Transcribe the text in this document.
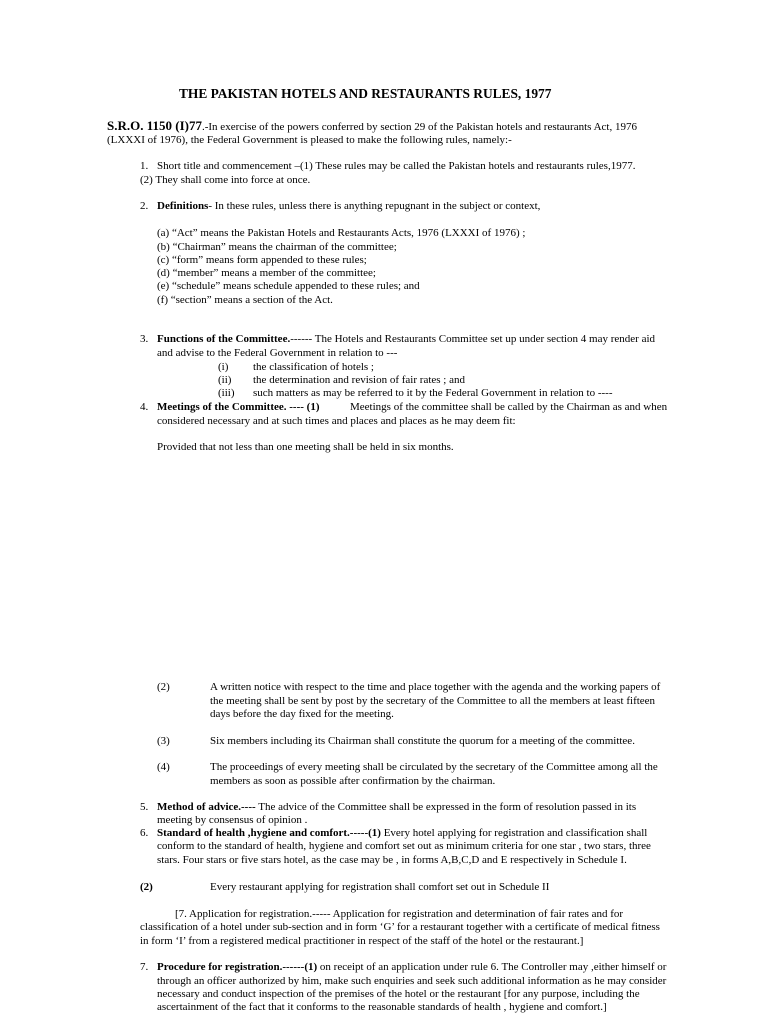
THE PAKISTAN HOTELS AND RESTAURANTS RULES, 1977
S.R.O. 1150 (I)77.-In exercise of the powers conferred by section 29 of the Pakistan hotels and restaurants Act, 1976
(LXXXI of 1976), the Federal Government is pleased to make the following rules, namely:-
1. Short title and commencement –(1) These rules may be called the Pakistan hotels and restaurants rules,1977.
(2) They shall come into force at once.
2. Definitions- In these rules, unless there is anything repugnant in the subject or context,
(a) “Act” means the Pakistan Hotels and Restaurants Acts, 1976 (LXXXI of 1976) ;
(b) “Chairman” means the chairman of the committee;
(c) “form” means form appended to these rules;
(d) “member” means a member of the committee;
(e) “schedule” means schedule appended to these rules; and
(f) “section” means a section of the Act.
3. Functions of the Committee.------ The Hotels and Restaurants Committee set up under section 4 may render aid
and advise to the Federal Government in relation to ---
(i) the classification of hotels ;
(ii) the determination and revision of fair rates ; and
(iii) such matters as may be referred to it by the Federal Government in relation to ----
4. Meetings of the Committee. ---- (1)	Meetings of the committee shall be called by the Chairman as and when
considered necessary and at such times and places and places as he may deem fit:
Provided that not less than one meeting shall be held in six months.
(2)	A written notice with respect to the time and place together with the agenda and the working papers of
the meeting shall be sent by post by the secretary of the Committee to all the members at least fifteen
days before the day fixed for the meeting.
(3)	Six members including its Chairman shall constitute the quorum for a meeting of the committee.
(4)	The proceedings of every meeting shall be circulated by the secretary of the Committee among all the
members as soon as possible after confirmation by the chairman.
5. Method of advice.---- The advice of the Committee shall be expressed in the form of resolution passed in its
meeting by consensus of opinion .
6. Standard of health ,hygiene and comfort.-----(1) Every hotel applying for registration and classification shall
conform to the standard of health, hygiene and comfort set out as minimum criteria for one star , two stars, three
stars. Four stars or five stars hotel, as the case may be , in forms A,B,C,D and E respectively in Schedule I.
(2)	Every restaurant applying for registration shall comfort set out in Schedule II
[7. Application for registration.----- Application for registration and determination of fair rates and for
classification of a hotel under sub-section and in form ‘G’ for a restaurant together with a certificate of medical fitness
in form ‘I’ from a registered medical practitioner in respect of the staff of the hotel or the restaurant.]
7. Procedure for registration.------(1) on receipt of an application under rule 6. The Controller may ,either himself or
through an officer authorized by him, make such enquiries and seek such additional information as he may consider
necessary and conduct inspection of the premises of the hotel or the restaurant [for any purpose, including the
ascertainment of the fact that it conforms to the reasonable standards of health , hygiene and comfort.]
